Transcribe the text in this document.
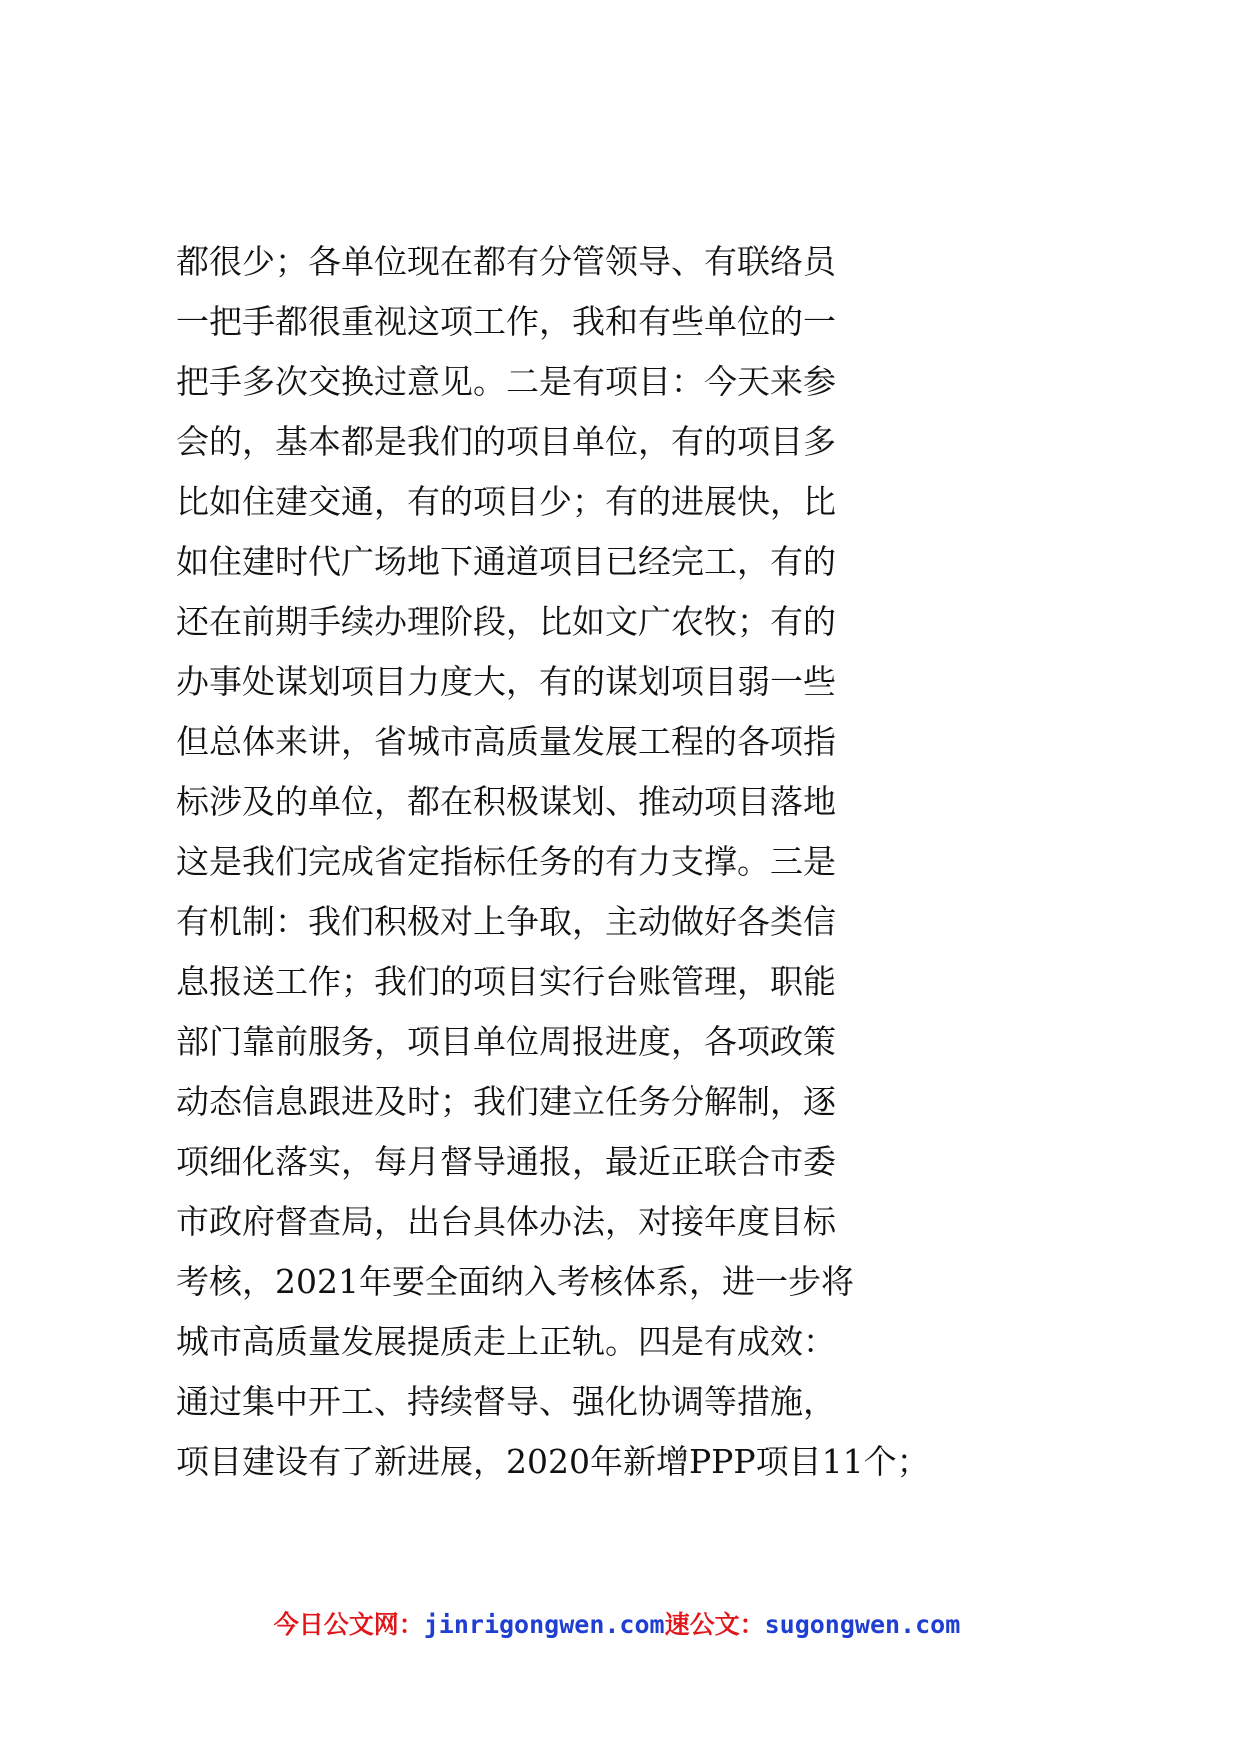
都很少；各单位现在都有分管领导、有联络员
一把手都很重视这项工作，我和有些单位的一
把手多次交换过意见。二是有项目：今天来参
会的，基本都是我们的项目单位，有的项目多
比如住建交通，有的项目少；有的进展快，比
如住建时代广场地下通道项目已经完工，有的
还在前期手续办理阶段，比如文广农牧；有的
办事处谋划项目力度大，有的谋划项目弱一些
但总体来讲，省城市高质量发展工程的各项指
标涉及的单位，都在积极谋划、推动项目落地
这是我们完成省定指标任务的有力支撑。三是
有机制：我们积极对上争取，主动做好各类信
息报送工作；我们的项目实行台账管理，职能
部门靠前服务，项目单位周报进度，各项政策
动态信息跟进及时；我们建立任务分解制，逐
项细化落实，每月督导通报，最近正联合市委
市政府督查局，出台具体办法，对接年度目标
考核，2021年要全面纳入考核体系，进一步将
城市高质量发展提质走上正轨。四是有成效：
通过集中开工、持续督导、强化协调等措施，
项目建设有了新进展，2020年新增PPP项目11个；
今日公文网：jinrigongwen.com速公文：sugongwen.com
